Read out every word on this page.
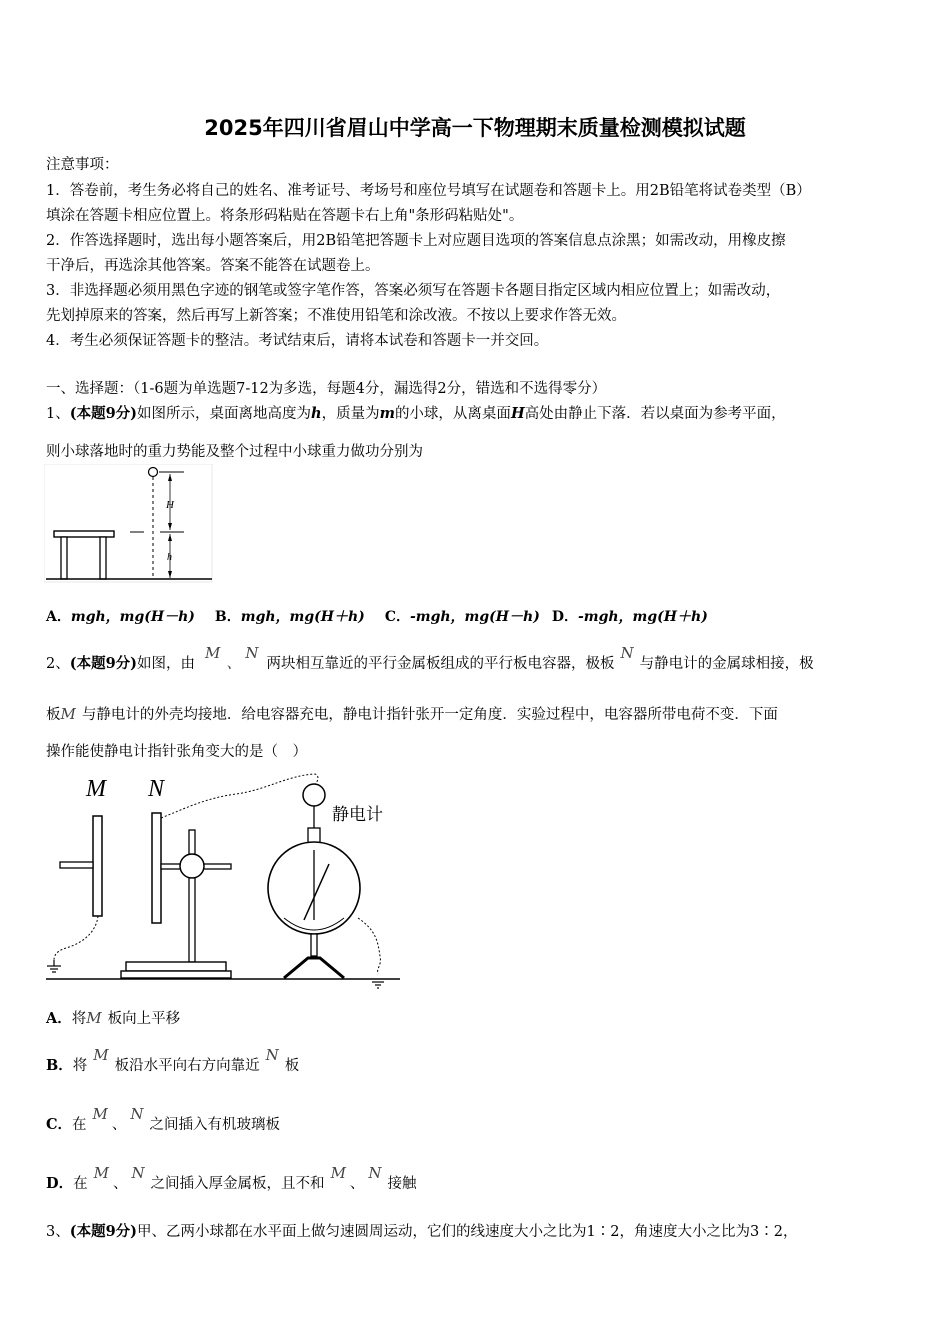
2025年四川省眉山中学高一下物理期末质量检测模拟试题
注意事项：
1．答卷前，考生务必将自己的姓名、准考证号、考场号和座位号填写在试题卷和答题卡上。用2B铅笔将试卷类型（B）
填涂在答题卡相应位置上。将条形码粘贴在答题卡右上角"条形码粘贴处"。
2．作答选择题时，选出每小题答案后，用2B铅笔把答题卡上对应题目选项的答案信息点涂黑；如需改动，用橡皮擦
干净后，再选涂其他答案。答案不能答在试题卷上。
3．非选择题必须用黑色字迹的钢笔或签字笔作答，答案必须写在答题卡各题目指定区域内相应位置上；如需改动，
先划掉原来的答案，然后再写上新答案；不准使用铅笔和涂改液。不按以上要求作答无效。
4．考生必须保证答题卡的整洁。考试结束后，请将本试卷和答题卡一并交回。
一、选择题：（1-6题为单选题7-12为多选，每题4分，漏选得2分，错选和不选得零分）
1、(本题9分)如图所示，桌面离地高度为h，质量为m的小球，从离桌面H高处由静止下落．若以桌面为参考平面，
则小球落地时的重力势能及整个过程中小球重力做功分别为
H
h
A．mgh，mg(H－h) B．mgh，mg(H＋h) C．-mgh，mg(H－h) D．-mgh，mg(H＋h)
2、(本题9分)如图，由M、N两块相互靠近的平行金属板组成的平行板电容器，极板N与静电计的金属球相接，极
板M 与静电计的外壳均接地．给电容器充电，静电计指针张开一定角度．实验过程中，电容器所带电荷不变．下面
操作能使静电计指针张角变大的是（　）
M N
静电计
A．将M 板向上平移
B．将M板沿水平向右方向靠近N板
C．在M、N之间插入有机玻璃板
D．在M、N之间插入厚金属板，且不和M、N接触
3、(本题9分)甲、乙两小球都在水平面上做匀速圆周运动，它们的线速度大小之比为1∶2，角速度大小之比为3∶2，
